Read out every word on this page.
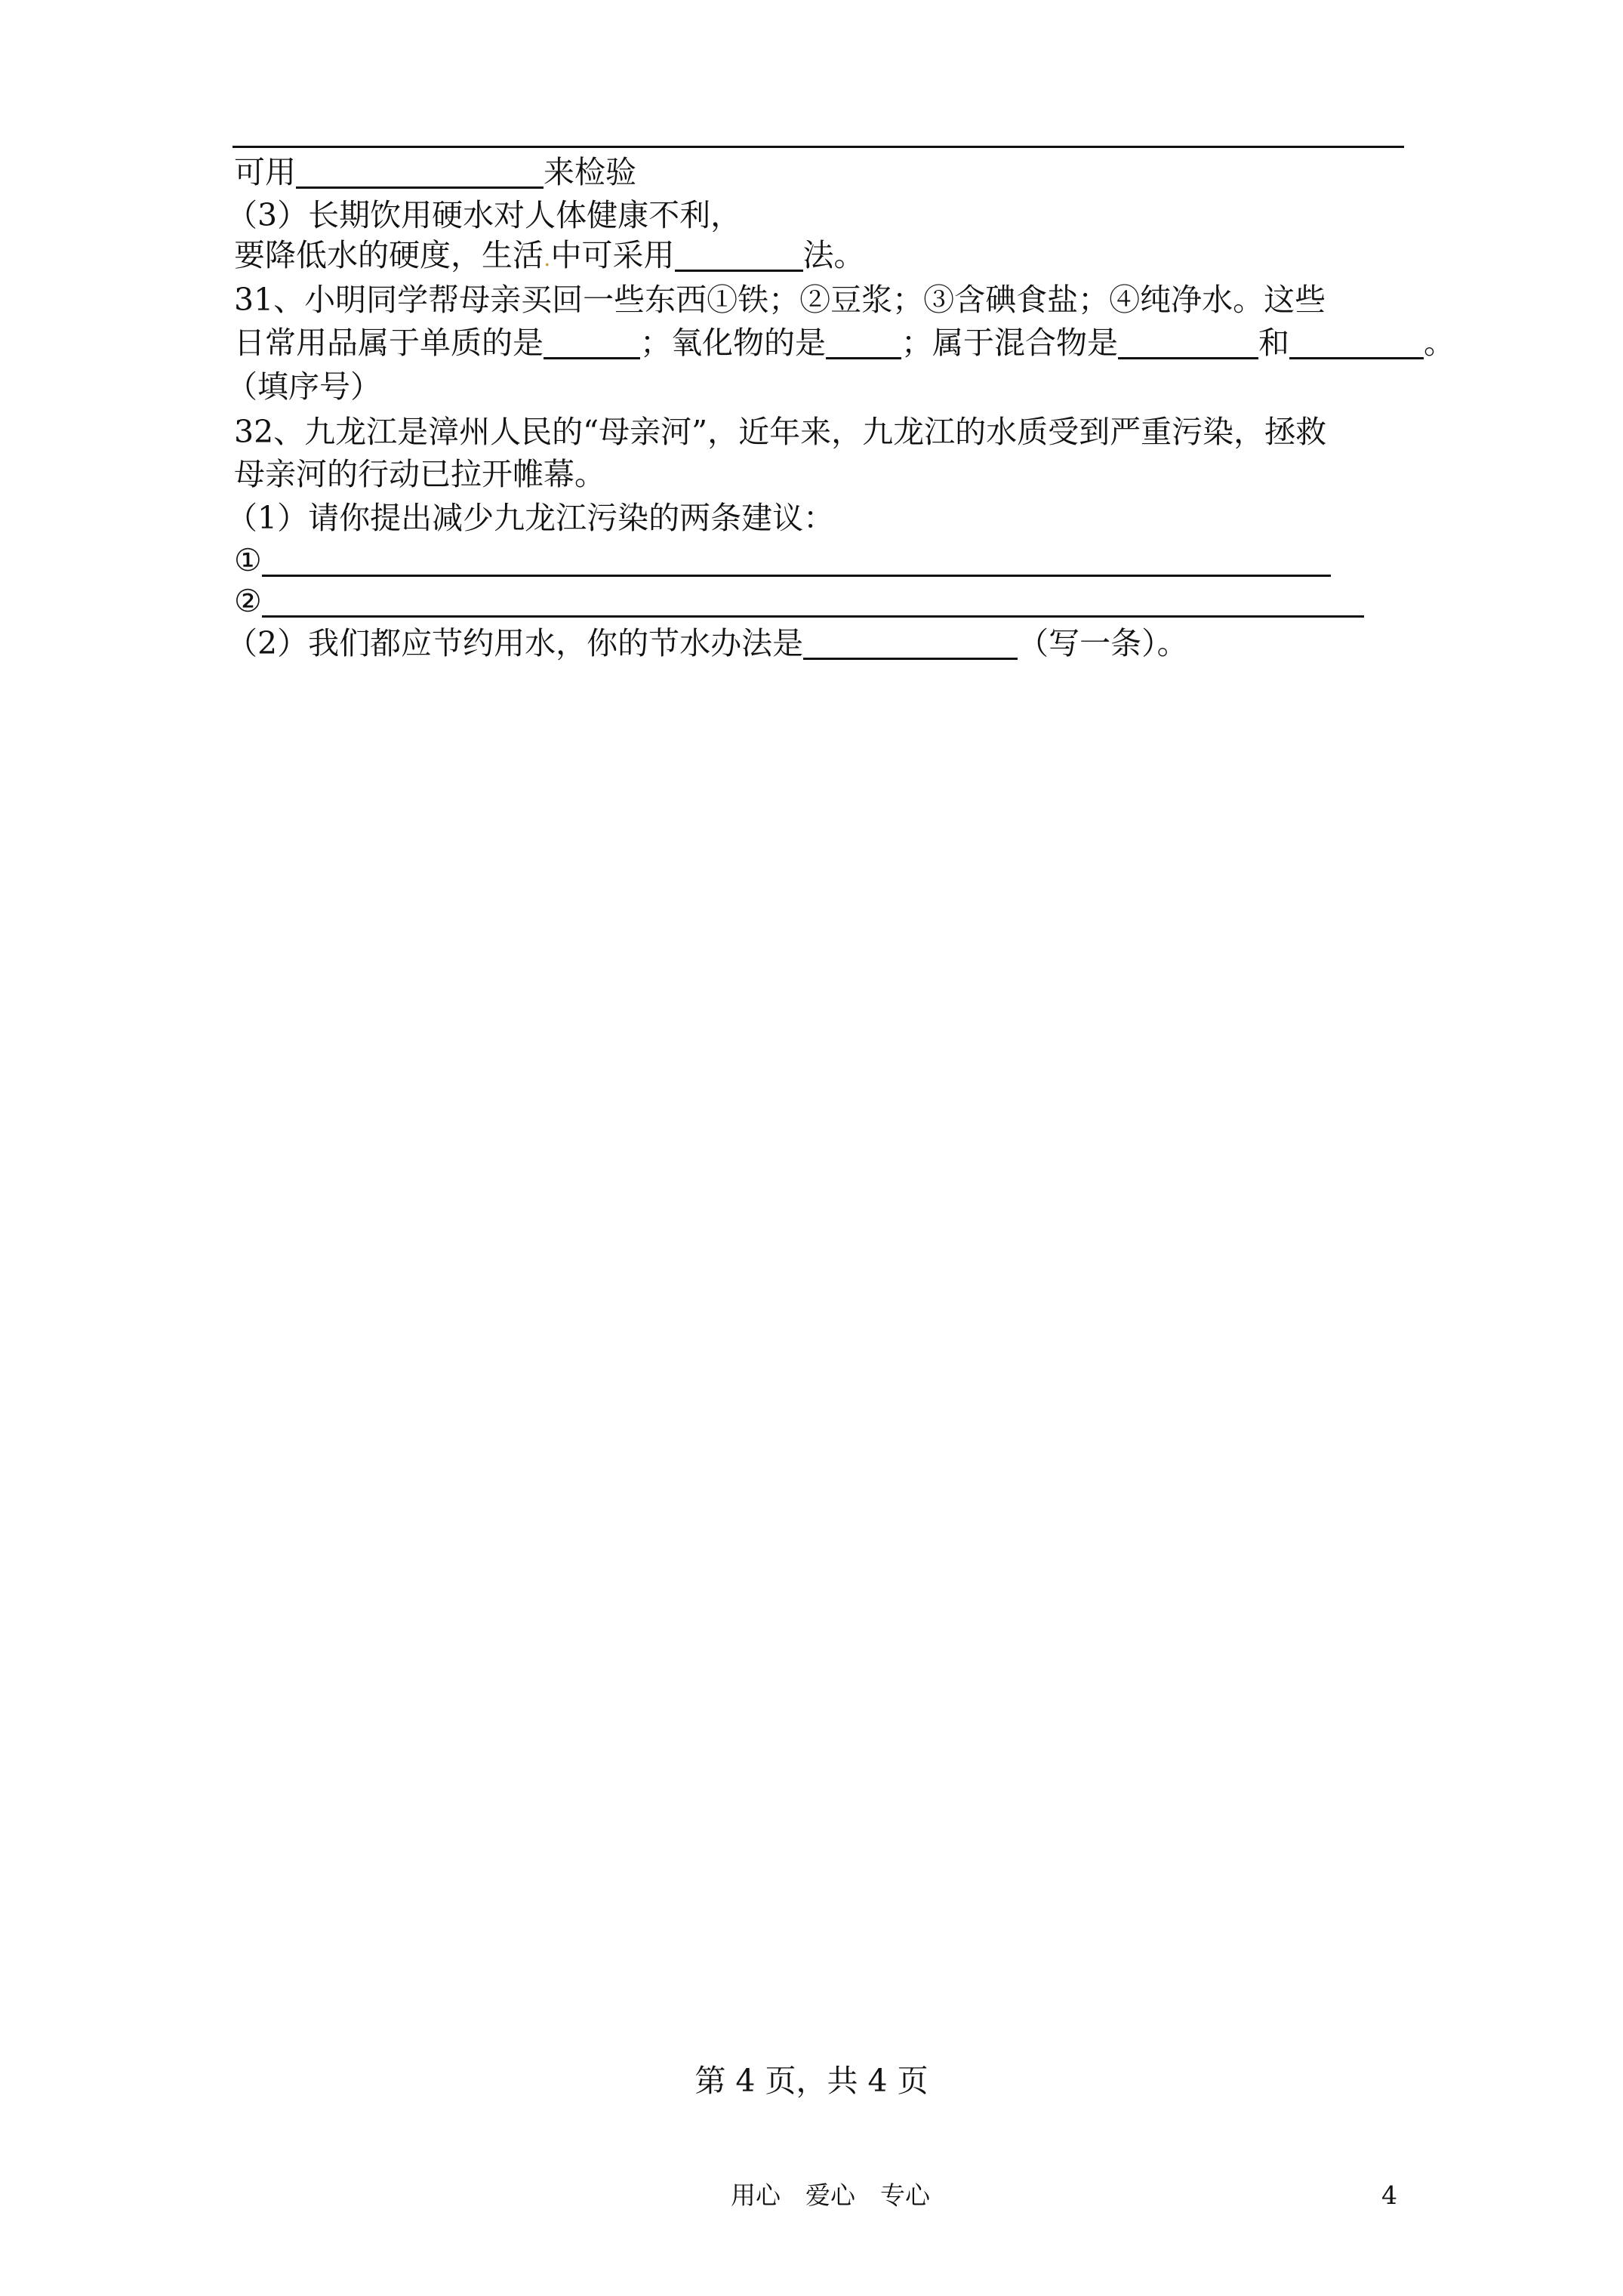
可用	来检验
（3）长期饮用硬水对人体健康不利，
要降低水的硬度，生活.中可采用	法。
31、小明同学帮母亲买回一些东西①铁；②豆浆；③含碘食盐；④纯净水。这些
日常用品属于单质的是	；氧化物的是 ；属于混合物是	和	。
（填序号）
32、九龙江是漳州人民的“母亲河”，近年来，九龙江的水质受到严重污染，拯救
母亲河的行动已拉开帷幕。
（1）请你提出减少九龙江污染的两条建议：
①
②
（2）我们都应节约用水，你的节水办法是	（写一条）。
第 4 页，共 4 页
用心　爱心　专心	4
